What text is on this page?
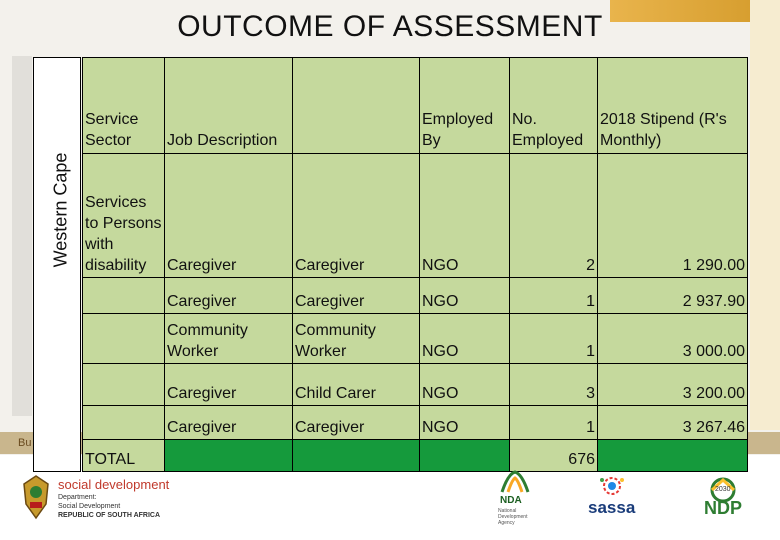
Bu
OUTCOME OF ASSESSMENT
Western Cape
Service Sector	Job Description		Employed By	No. Employed	2018 Stipend (R's Monthly)
Services to Persons with disability	Caregiver	Caregiver	NGO	2	1 290.00
	Caregiver	Caregiver	NGO	1	2 937.90
	Community Worker	Community Worker	NGO	1	3 000.00
	Caregiver	Child Carer	NGO	3	3 200.00
	Caregiver	Caregiver	NGO	1	3 267.46
TOTAL				676	
social development
Department:
Social Development
REPUBLIC OF SOUTH AFRICA
NDA
National Development Agency
sassa
2030
NDP
